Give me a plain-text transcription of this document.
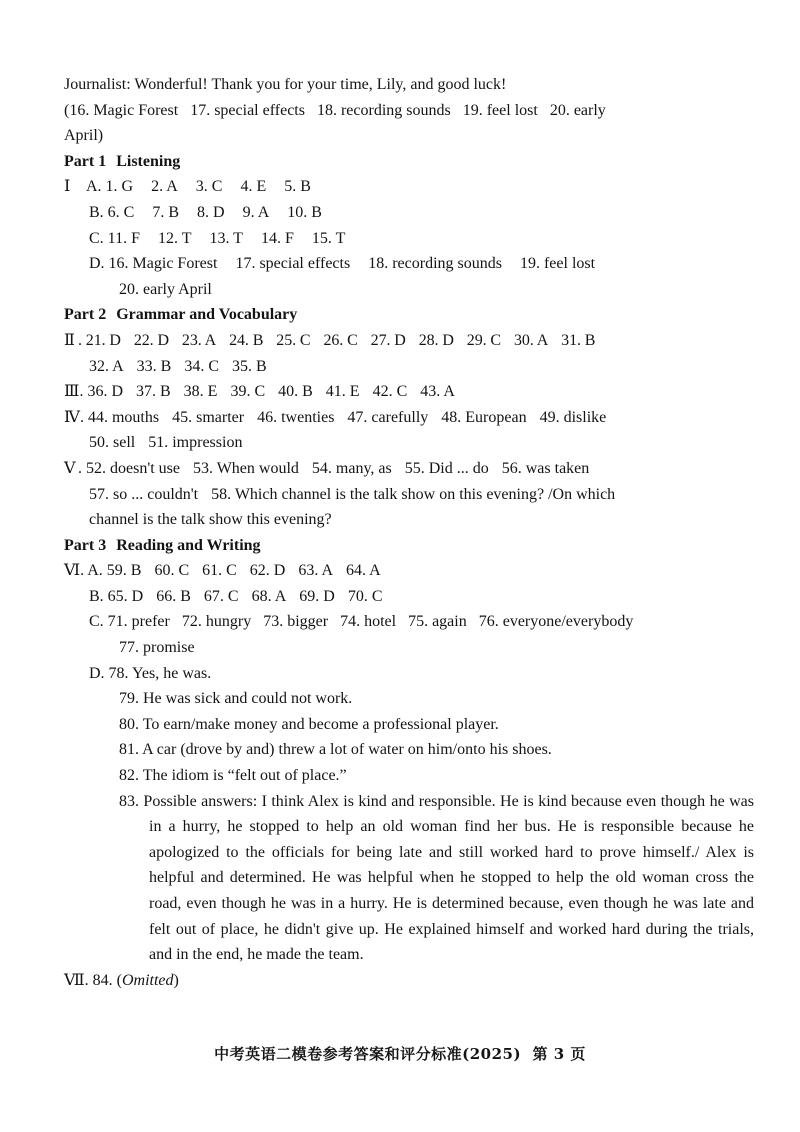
Journalist: Wonderful! Thank you for your time, Lily, and good luck!
(16. Magic Forest   17. special effects   18. recording sounds   19. feel lost   20. early
April)
Part 1 Listening
Ⅰ A. 1. G 2. A 3. C 4. E 5. B
B. 6. C 7. B 8. D 9. A 10. B
C. 11. F 12. T 13. T 14. F 15. T
D. 16. Magic Forest 17. special effects 18. recording sounds 19. feel lost
20. early April
Part 2 Grammar and Vocabulary
Ⅱ . 21. D 22. D 23. A 24. B 25. C 26. C 27. D 28. D 29. C 30. A 31. B
32. A 33. B 34. C 35. B
Ⅲ. 36. D 37. B 38. E 39. C 40. B 41. E 42. C 43. A
Ⅳ. 44. mouths 45. smarter 46. twenties 47. carefully 48. European 49. dislike
50. sell 51. impression
Ⅴ . 52. doesn't use 53. When would 54. many, as 55. Did ... do 56. was taken
57. so ... couldn't 58. Which channel is the talk show on this evening? /On which
channel is the talk show this evening?
Part 3 Reading and Writing
Ⅵ. A. 59. B 60. C 61. C 62. D 63. A 64. A
B. 65. D 66. B 67. C 68. A 69. D 70. C
C. 71. prefer 72. hungry 73. bigger 74. hotel 75. again 76. everyone/everybody
77. promise
D. 78. Yes, he was.
79. He was sick and could not work.
80. To earn/make money and become a professional player.
81. A car (drove by and) threw a lot of water on him/onto his shoes.
82. The idiom is “felt out of place.”
83. Possible answers: I think Alex is kind and responsible. He is kind because even though he was in a hurry, he stopped to help an old woman find her bus. He is responsible because he apologized to the officials for being late and still worked hard to prove himself./ Alex is helpful and determined. He was helpful when he stopped to help the old woman cross the road, even though he was in a hurry. He is determined because, even though he was late and felt out of place, he didn't give up. He explained himself and worked hard during the trials, and in the end, he made the team.
Ⅶ. 84. (Omitted)
中考英语二模卷参考答案和评分标准(2025)  第 3 页
